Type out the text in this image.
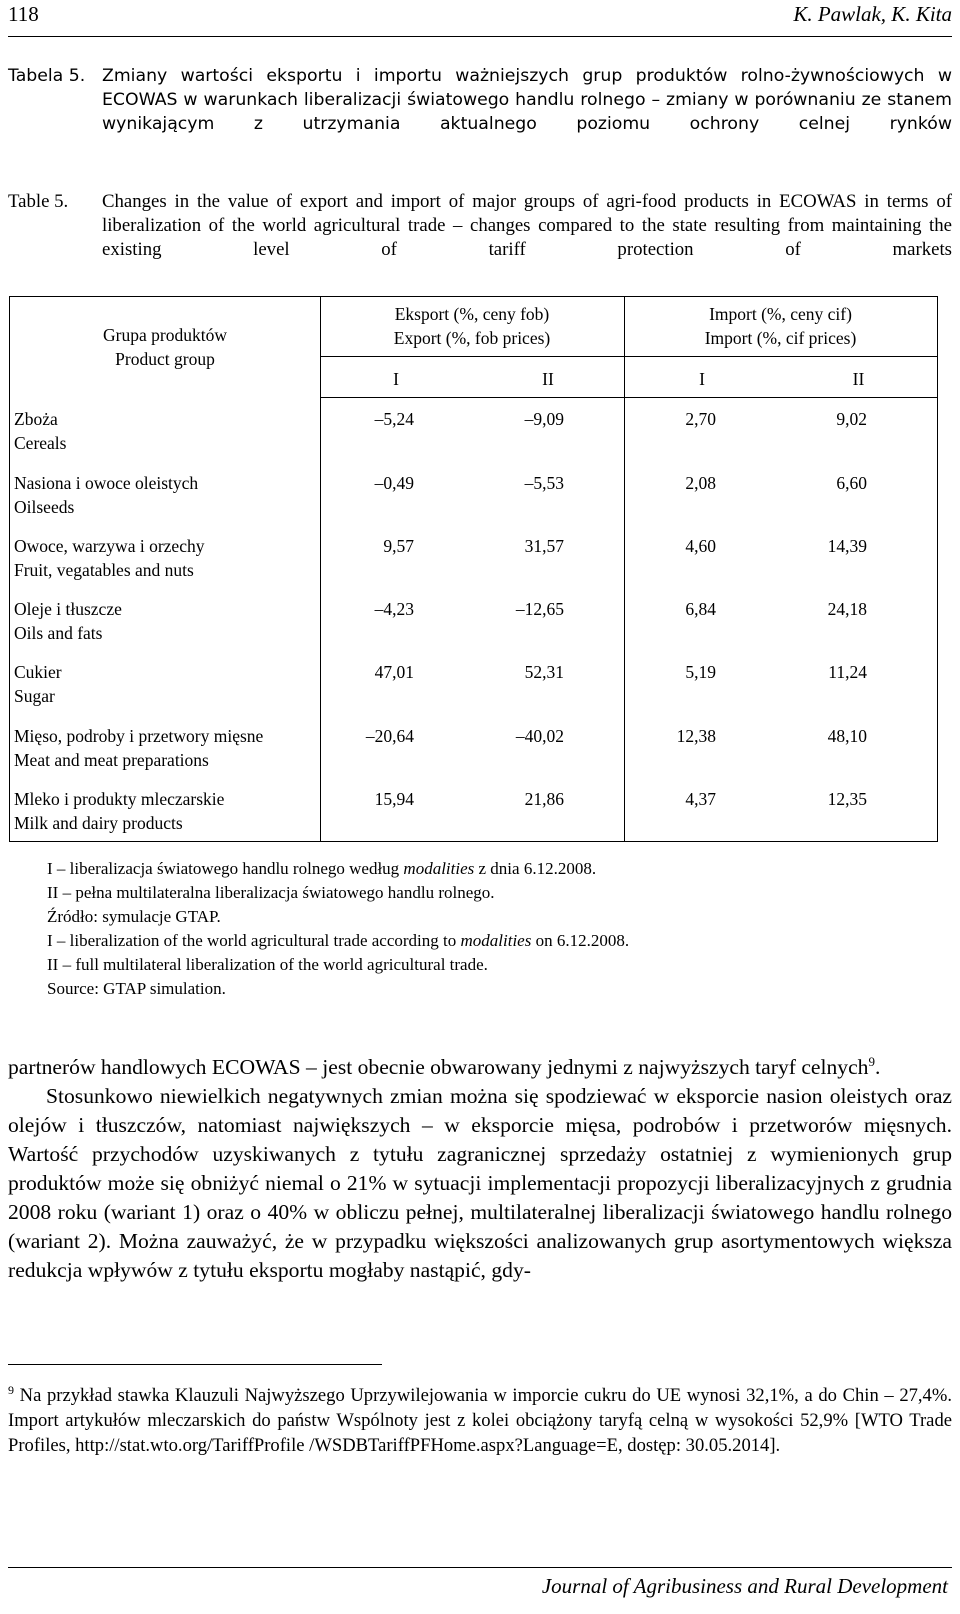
118	K. Pawlak, K. Kita
Tabela 5. Zmiany wartości eksportu i importu ważniejszych grup produktów rolno-żywnościowych w ECOWAS w warunkach liberalizacji światowego handlu rolnego – zmiany w porównaniu ze stanem wynikającym z utrzymania aktualnego poziomu ochrony celnej rynków
Table 5. Changes in the value of export and import of major groups of agri-food products in ECOWAS in terms of liberalization of the world agricultural trade – changes compared to the state resulting from maintaining the existing level of tariff protection of markets
Grupa produktów
Product group
Eksport (%, ceny fob)
Export (%, fob prices)
Import (%, ceny cif)
Import (%, cif prices)
I	II	I	II
Zboża
Cereals
–5,24	–9,09	2,70	9,02
Nasiona i owoce oleistych
Oilseeds
–0,49	–5,53	2,08	6,60
Owoce, warzywa i orzechy
Fruit, vegatables and nuts
9,57	31,57	4,60	14,39
Oleje i tłuszcze
Oils and fats
–4,23	–12,65	6,84	24,18
Cukier
Sugar
47,01	52,31	5,19	11,24
Mięso, podroby i przetwory mięsne
Meat and meat preparations
–20,64	–40,02	12,38	48,10
Mleko i produkty mleczarskie
Milk and dairy products
15,94	21,86	4,37	12,35
I – liberalizacja światowego handlu rolnego według modalities z dnia 6.12.2008.
II – pełna multilateralna liberalizacja światowego handlu rolnego.
Źródło: symulacje GTAP.
I – liberalization of the world agricultural trade according to modalities on 6.12.2008.
II – full multilateral liberalization of the world agricultural trade.
Source: GTAP simulation.

partnerów handlowych ECOWAS – jest obecnie obwarowany jednymi z najwyższych taryf celnych$^9$.

Stosunkowo niewielkich negatywnych zmian można się spodziewać w eksporcie nasion oleistych oraz olejów i tłuszczów, natomiast największych – w eksporcie mięsa, podrobów i przetworów mięsnych. Wartość przychodów uzyskiwanych z tytułu zagranicznej sprzedaży ostatniej z wymienionych grup produktów może się obniżyć niemal o 21% w sytuacji implementacji propozycji liberalizacyjnych z grudnia 2008 roku (wariant 1) oraz o 40% w obliczu pełnej, multilateralnej liberalizacji światowego handlu rolnego (wariant 2). Można zauważyć, że w przypadku większości analizowanych grup asortymentowych większa redukcja wpływów z tytułu eksportu mogłaby nastąpić, gdy-

$^9$ Na przykład stawka Klauzuli Najwyższego Uprzywilejowania w imporcie cukru do UE wynosi 32,1%, a do Chin – 27,4%. Import artykułów mleczarskich do państw Wspólnoty jest z kolei obciążony taryfą celną w wysokości 52,9% [WTO Trade Profiles, http://stat.wto.org/TariffProfile /WSDBTariffPFHome.aspx?Language=E, dostęp: 30.05.2014].
Journal of Agribusiness and Rural Development
